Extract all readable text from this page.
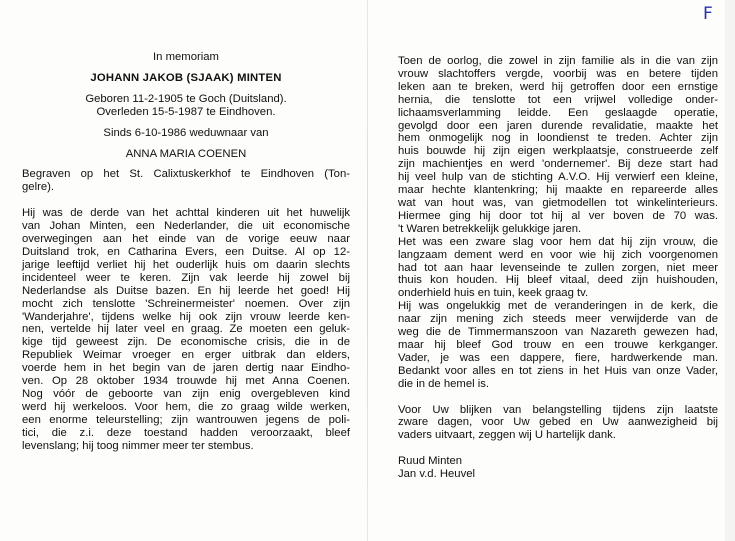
F
In memoriam
JOHANN JAKOB (SJAAK) MINTEN
Geboren 11-2-1905 te Goch (Duitsland).
Overleden 15-5-1987 te Eindhoven.
Sinds 6-10-1986 weduwnaar van
ANNA MARIA COENEN
Begraven op het St. Calixtuskerkhof te Eindhoven (Ton-
gelre).
Hij was de derde van het achttal kinderen uit het huwelijk
van Johan Minten, een Nederlander, die uit economische
overwegingen aan het einde van de vorige eeuw naar
Duitsland trok, en Catharina Evers, een Duitse. Al op 12-
jarige leeftijd verliet hij het ouderlijk huis om daarin slechts
incidenteel weer te keren. Zijn vak leerde hij zowel bij
Nederlandse als Duitse bazen. En hij leerde het goed! Hij
mocht zich tenslotte 'Schreinermeister' noemen. Over zijn
'Wanderjahre', tijdens welke hij ook zijn vrouw leerde ken-
nen, vertelde hij later veel en graag. Ze moeten een geluk-
kige tijd geweest zijn. De economische crisis, die in de
Republiek Weimar vroeger en erger uitbrak dan elders,
voerde hem in het begin van de jaren dertig naar Eindho-
ven. Op 28 oktober 1934 trouwde hij met Anna Coenen.
Nog vóór de geboorte van zijn enig overgebleven kind
werd hij werkeloos. Voor hem, die zo graag wilde werken,
een enorme teleurstelling; zijn wantrouwen jegens de poli-
tici, die z.i. deze toestand hadden veroorzaakt, bleef
levenslang; hij toog nimmer meer ter stembus.
Toen de oorlog, die zowel in zijn familie als in die van zijn
vrouw slachtoffers vergde, voorbij was en betere tijden
leken aan te breken, werd hij getroffen door een ernstige
hernia, die tenslotte tot een vrijwel volledige onder-
lichaamsverlamming leidde. Een geslaagde operatie,
gevolgd door een jaren durende revalidatie, maakte het
hem onmogelijk nog in loondienst te treden. Achter zijn
huis bouwde hij zijn eigen werkplaatsje, construeerde zelf
zijn machientjes en werd 'ondernemer'. Bij deze start had
hij veel hulp van de stichting A.V.O. Hij verwierf een kleine,
maar hechte klantenkring; hij maakte en repareerde alles
wat van hout was, van gietmodellen tot winkelinterieurs.
Hiermee ging hij door tot hij al ver boven de 70 was.
't Waren betrekkelijk gelukkige jaren.
Het was een zware slag voor hem dat hij zijn vrouw, die
langzaam dement werd en voor wie hij zich voorgenomen
had tot aan haar levenseinde te zullen zorgen, niet meer
thuis kon houden. Hij bleef vitaal, deed zijn huishouden,
onderhield huis en tuin, keek graag tv.
Hij was ongelukkig met de veranderingen in de kerk, die
naar zijn mening zich steeds meer verwijderde van de
weg die de Timmermanszoon van Nazareth gewezen had,
maar hij bleef God trouw en een trouwe kerkganger.
Vader, je was een dappere, fiere, hardwerkende man.
Bedankt voor alles en tot ziens in het Huis van onze Vader,
die in de hemel is.
Voor Uw blijken van belangstelling tijdens zijn laatste
zware dagen, voor Uw gebed en Uw aanwezigheid bij
vaders uitvaart, zeggen wij U hartelijk dank.
Ruud Minten
Jan v.d. Heuvel
